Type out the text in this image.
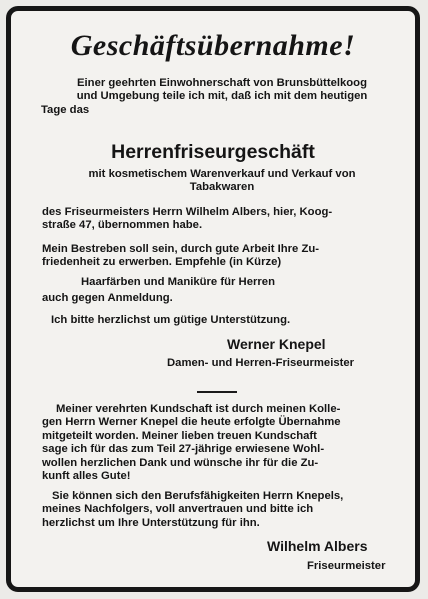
Geschäftsübernahme!
Einer geehrten Einwohnerschaft von Brunsbüttelkoog
und Umgebung teile ich mit, daß ich mit dem heutigen
Tage das
Herrenfriseurgeschäft
mit kosmetischem Warenverkauf und Verkauf von
Tabakwaren
des Friseurmeisters Herrn Wilhelm Albers, hier, Koog-
straße 47, übernommen habe.
Mein Bestreben soll sein, durch gute Arbeit Ihre Zu-
friedenheit zu erwerben. Empfehle (in Kürze)
Haarfärben und Maniküre für Herren
auch gegen Anmeldung.
Ich bitte herzlichst um gütige Unterstützung.
Werner Knepel
Damen- und Herren-Friseurmeister
Meiner verehrten Kundschaft ist durch meinen Kolle-
gen Herrn Werner Knepel die heute erfolgte Übernahme
mitgeteilt worden. Meiner lieben treuen Kundschaft
sage ich für das zum Teil 27-jährige erwiesene Wohl-
wollen herzlichen Dank und wünsche ihr für die Zu-
kunft alles Gute!
Sie können sich den Berufsfähigkeiten Herrn Knepels,
meines Nachfolgers, voll anvertrauen und bitte ich
herzlichst um Ihre Unterstützung für ihn.
Wilhelm Albers
Friseurmeister
